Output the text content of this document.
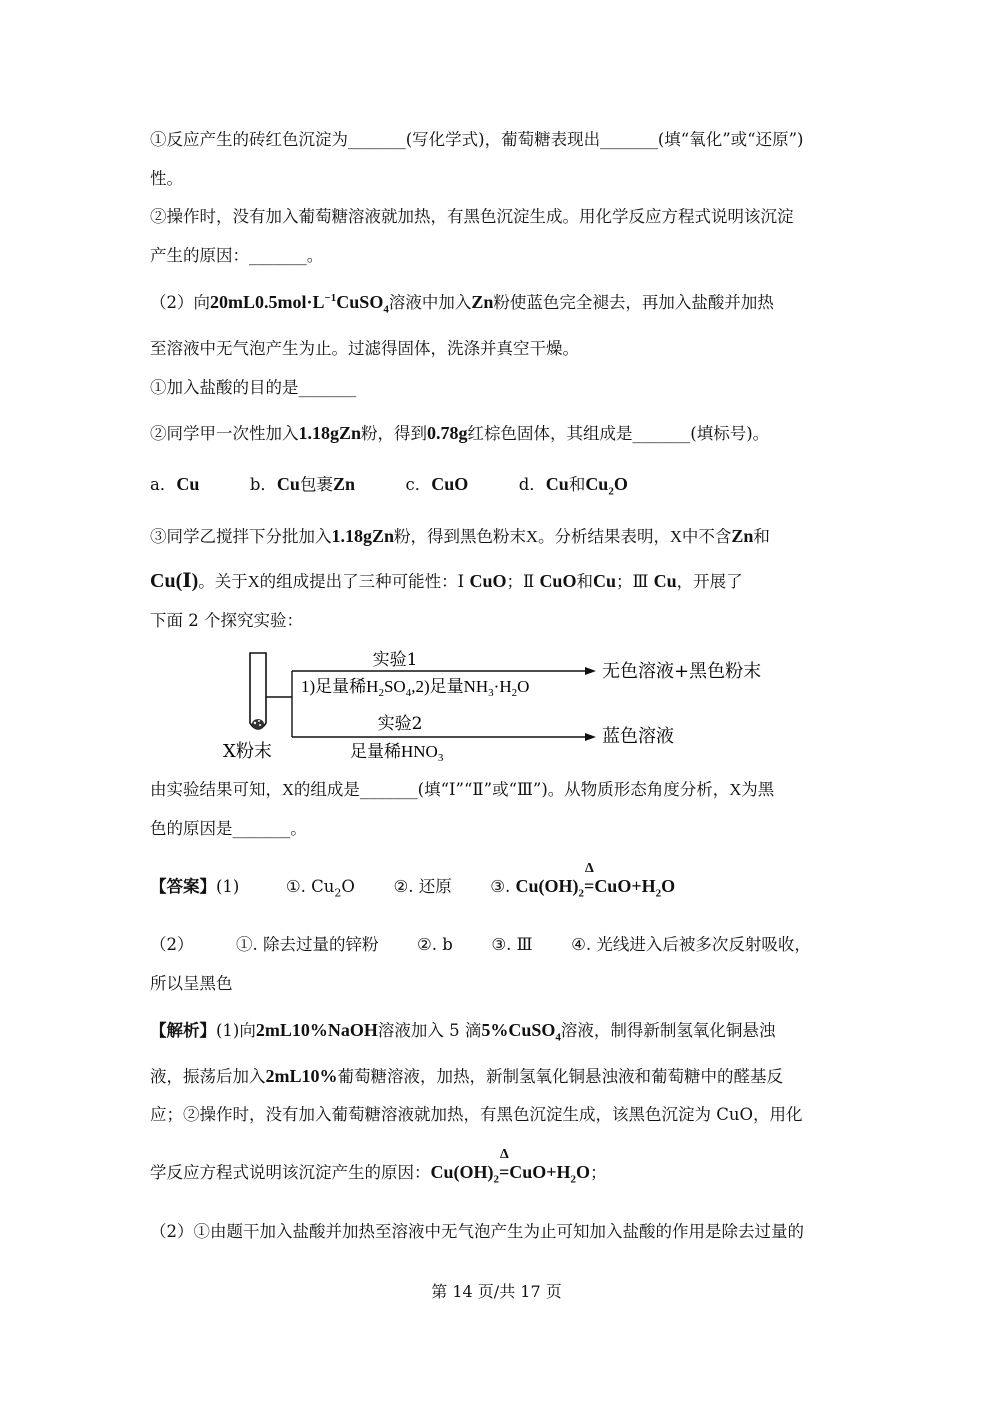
①反应产生的砖红色沉淀为_______(写化学式)，葡萄糖表现出_______(填“氧化”或“还原”)
性。
②操作时，没有加入葡萄糖溶液就加热，有黑色沉淀生成。用化学反应方程式说明该沉淀
产生的原因：_______。
（2）向$20mL0.5mol\cdot L^{-1}CuSO_4$溶液中加入Zn粉使蓝色完全褪去，再加入盐酸并加热
至溶液中无气泡产生为止。过滤得固体，洗涤并真空干燥。
①加入盐酸的目的是_______
②同学甲一次性加入1.18gZn粉，得到0.78g红棕色固体，其组成是_______(填标号)。
a．Cu	b．Cu包裹Zn	c．CuO	d．Cu和$Cu_2O$
③同学乙搅拌下分批加入1.18gZn粉，得到黑色粉末X。分析结果表明，X中不含Zn和
Cu(Ⅰ)。关于X的组成提出了三种可能性：Ⅰ CuO；Ⅱ CuO和Cu；Ⅲ Cu，开展了
下面 2 个探究实验：
实验1
1)足量稀$H_2SO_4,2$)足量$NH_3\cdot H_2O$
无色溶液+黑色粉末
实验2
足量稀$HNO_3$
蓝色溶液
X粉末
由实验结果可知，X的组成是_______(填“Ⅰ”“Ⅱ”或“Ⅲ”)。从物质形态角度分析，X为黑
色的原因是_______。
【答案】(1)	①. $Cu_2O$ ②. 还原 ③. $Cu(OH)_2$
Δ
$=CuO+H_2O$
（2）	①. 除去过量的锌粉 ②. b ③. Ⅲ ④. 光线进入后被多次反射吸收，
所以呈黑色
【解析】(1)向2mL10%NaOH溶液加入 5 滴5%CuSO$_4$溶液，制得新制氢氧化铜悬浊
液，振荡后加入2mL10%葡萄糖溶液，加热，新制氢氧化铜悬浊液和葡萄糖中的醛基反
应；②操作时，没有加入葡萄糖溶液就加热，有黑色沉淀生成，该黑色沉淀为 CuO，用化
学反应方程式说明该沉淀产生的原因：$Cu(OH)_2$
Δ
$=CuO+H_2O$；
（2）①由题干加入盐酸并加热至溶液中无气泡产生为止可知加入盐酸的作用是除去过量的
第 14 页/共 17 页
